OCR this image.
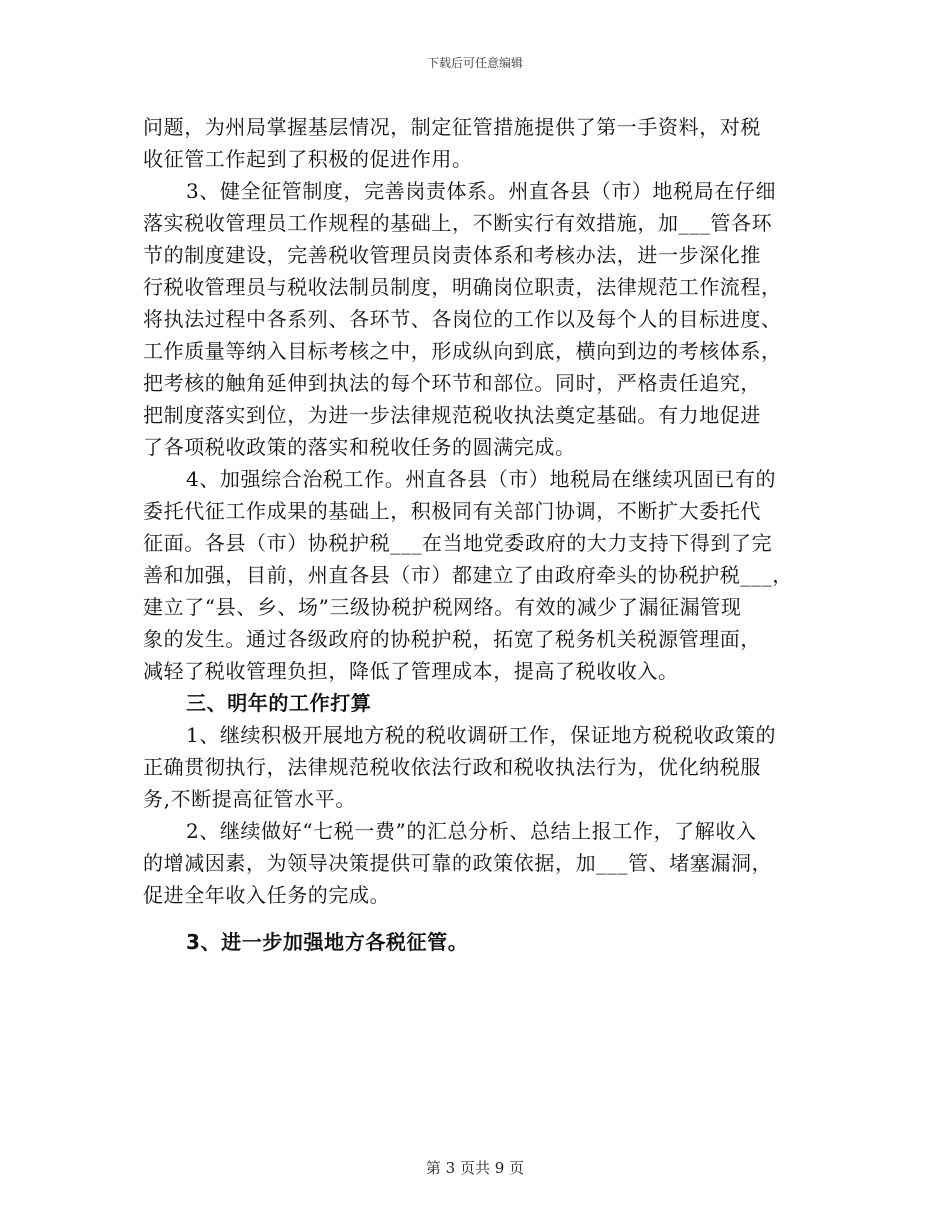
下载后可任意编辑
问题，为州局掌握基层情况，制定征管措施提供了第一手资料，对税
收征管工作起到了积极的促进作用。
3、健全征管制度，完善岗责体系。州直各县（市）地税局在仔细
落实税收管理员工作规程的基础上，不断实行有效措施，加___管各环
节的制度建设，完善税收管理员岗责体系和考核办法，进一步深化推
行税收管理员与税收法制员制度，明确岗位职责，法律规范工作流程，
将执法过程中各系列、各环节、各岗位的工作以及每个人的目标进度、
工作质量等纳入目标考核之中，形成纵向到底，横向到边的考核体系，
把考核的触角延伸到执法的每个环节和部位。同时，严格责任追究，
把制度落实到位，为进一步法律规范税收执法奠定基础。有力地促进
了各项税收政策的落实和税收任务的圆满完成。
4、加强综合治税工作。州直各县（市）地税局在继续巩固已有的
委托代征工作成果的基础上，积极同有关部门协调，不断扩大委托代
征面。各县（市）协税护税___在当地党委政府的大力支持下得到了完
善和加强，目前，州直各县（市）都建立了由政府牵头的协税护税___，
建立了“县、乡、场”三级协税护税网络。有效的减少了漏征漏管现
象的发生。通过各级政府的协税护税，拓宽了税务机关税源管理面，
减轻了税收管理负担，降低了管理成本，提高了税收收入。
三、明年的工作打算
1、继续积极开展地方税的税收调研工作，保证地方税税收政策的
正确贯彻执行，法律规范税收依法行政和税收执法行为，优化纳税服
务,不断提高征管水平。
2、继续做好“七税一费”的汇总分析、总结上报工作，了解收入
的增减因素，为领导决策提供可靠的政策依据，加___管、堵塞漏洞，
促进全年收入任务的完成。
3、进一步加强地方各税征管。
第 3 页共 9 页
